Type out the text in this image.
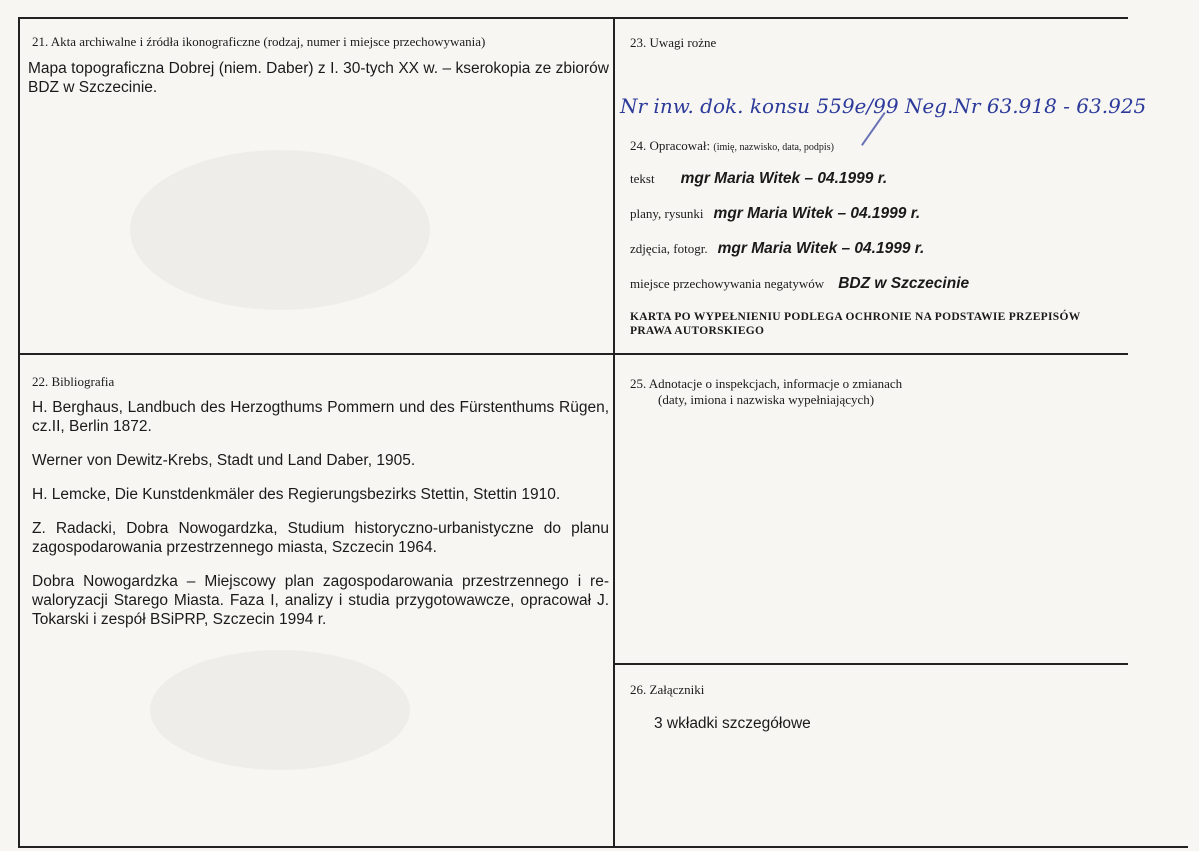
21. Akta archiwalne i źródła ikonograficzne (rodzaj, numer i miejsce przechowywania)
Mapa topograficzna Dobrej (niem. Daber) z I. 30-tych XX w. – kserokopia ze zbiorów BDZ w Szczecinie.
22. Bibliografia

H. Berghaus, Landbuch des Herzogthums Pommern und des Fürstenthums Rügen, cz.II, Berlin 1872.

Werner von Dewitz-Krebs, Stadt und Land Daber, 1905.

H. Lemcke, Die Kunstdenkmäler des Regierungsbezirks Stettin, Stettin 1910.

Z. Radacki, Dobra Nowogardzka, Studium historyczno-urbanistyczne do planu zagospodarowania przestrzennego miasta, Szczecin 1964.

Dobra Nowogardzka – Miejscowy plan zagospodarowania przestrzennego i re-waloryzacji Starego Miasta. Faza I, analizy i studia przygotowawcze, opracował J. Tokarski i zespół BSiPRP, Szczecin 1994 r.

23. Uwagi rożne
Nr inw. dok. konsu 559e/99 Neg.Nr 63.918 - 63.925
24. Opracował: (imię, nazwisko, data, podpis)
tekst mgr Maria Witek – 04.1999 r.
plany, rysunki mgr Maria Witek – 04.1999 r.
zdjęcia, fotogr. mgr Maria Witek – 04.1999 r.
miejsce przechowywania negatywów BDZ w Szczecinie
KARTA PO WYPEŁNIENIU PODLEGA OCHRONIE NA PODSTAWIE PRZEPISÓW PRAWA AUTORSKIEGO
25. Adnotacje o inspekcjach, informacje o zmianach
(daty, imiona i nazwiska wypełniających)
26. Załączniki
3 wkładki szczegółowe
